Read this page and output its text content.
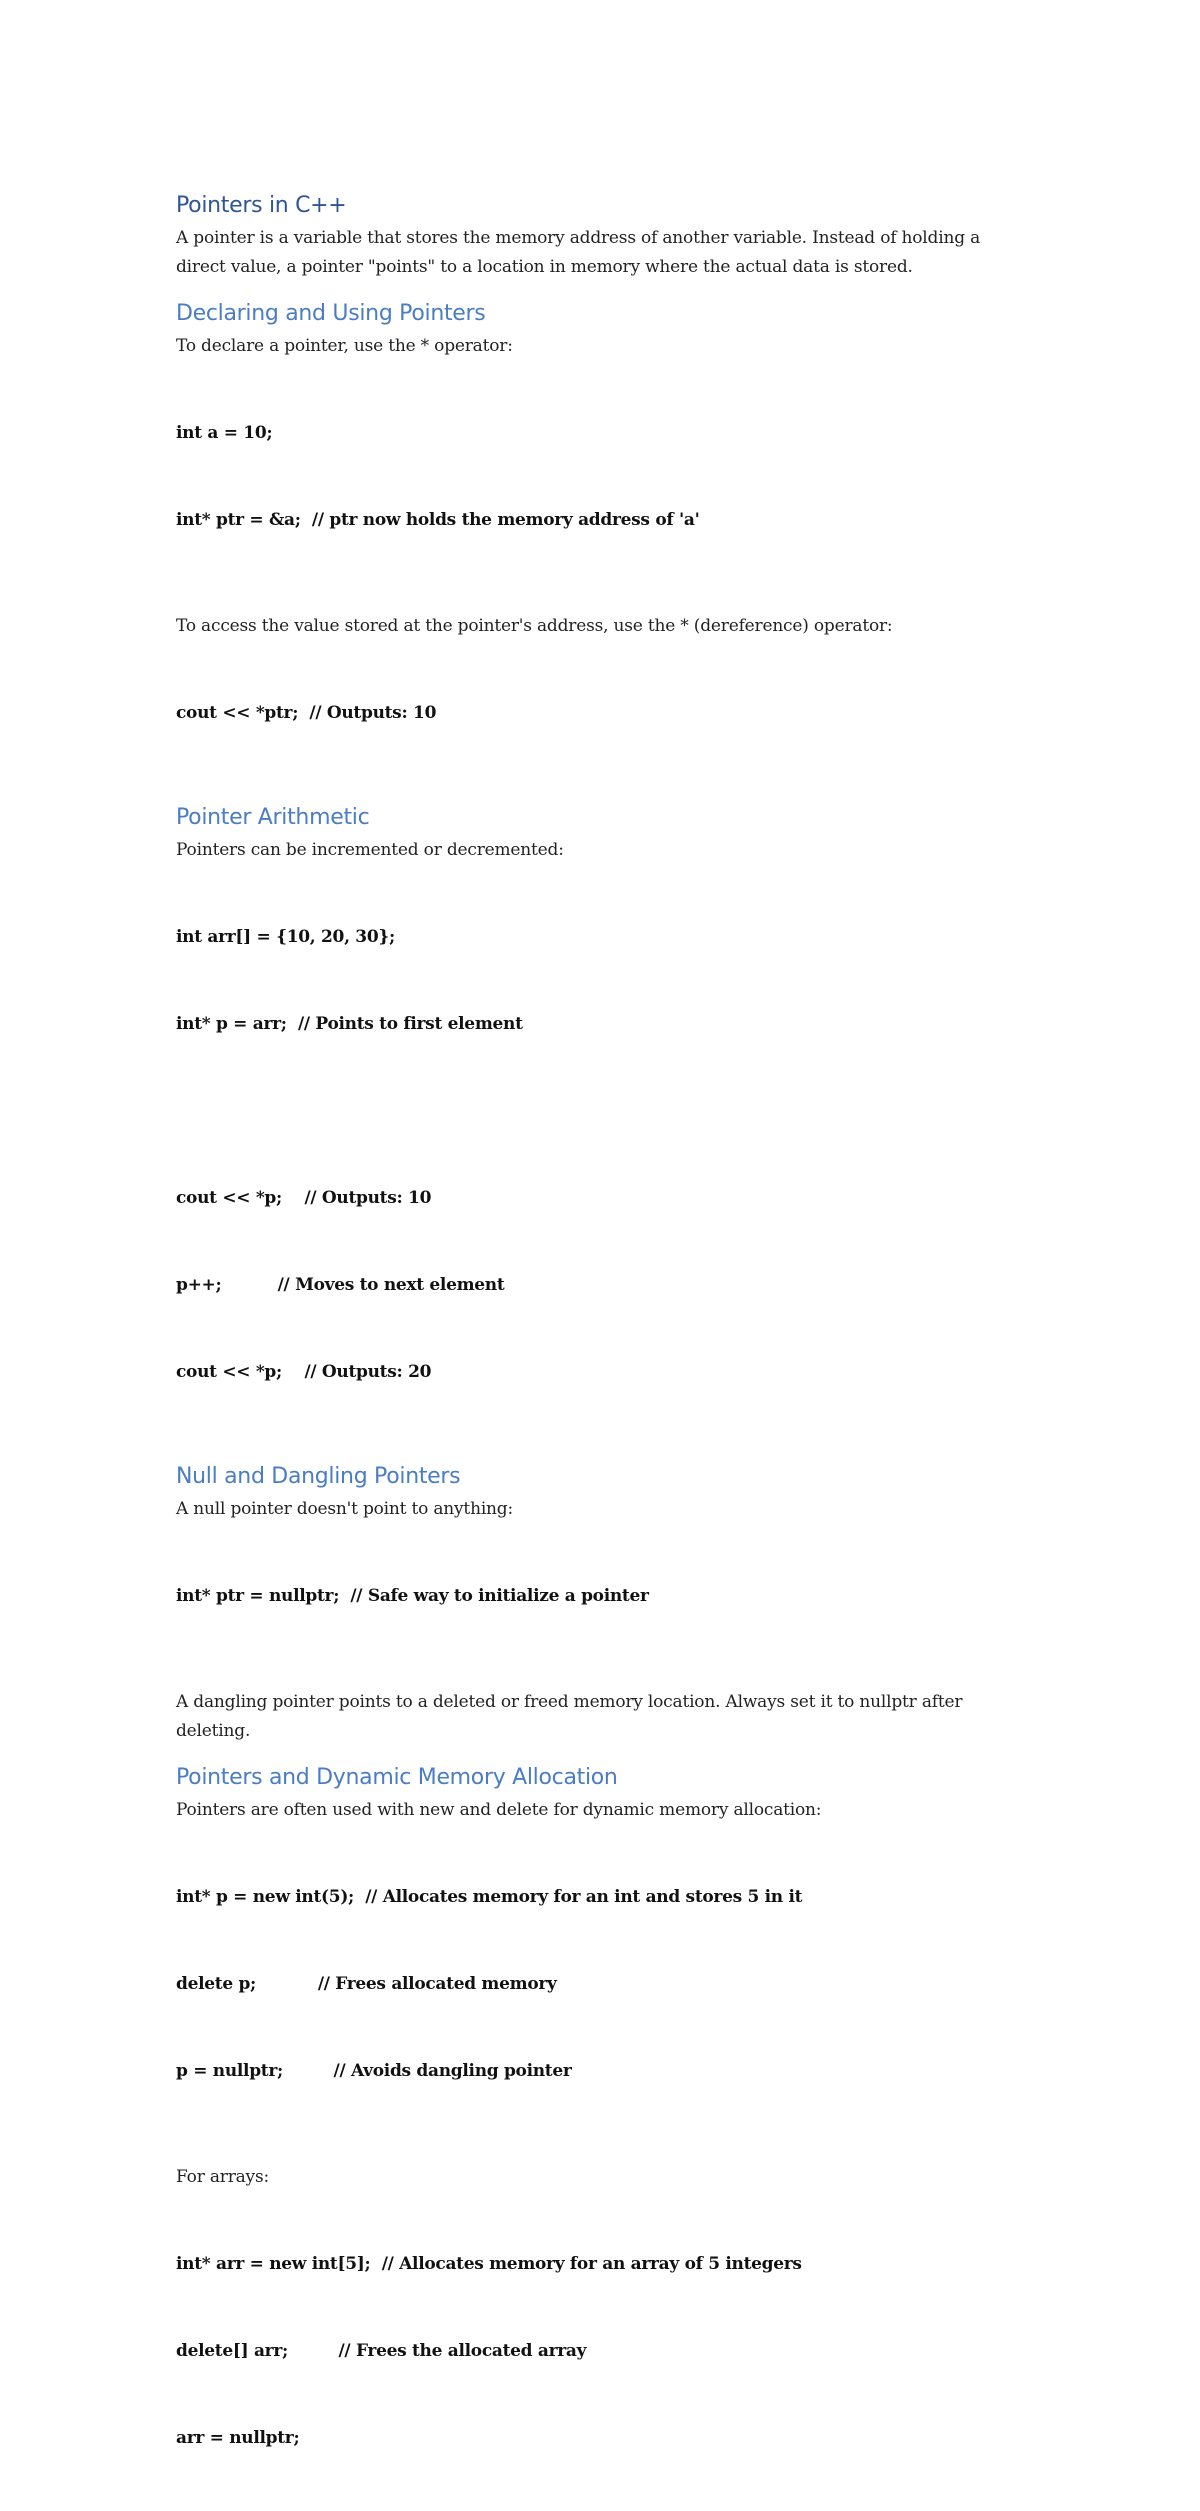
Pointers in C++

A pointer is a variable that stores the memory address of another variable. Instead of holding a direct value, a pointer "points" to a location in memory where the actual data is stored.

Declaring and Using Pointers

To declare a pointer, use the * operator:

int a = 10;

int* ptr = &a;  // ptr now holds the memory address of 'a'

To access the value stored at the pointer's address, use the * (dereference) operator:

cout << *ptr;  // Outputs: 10

Pointer Arithmetic

Pointers can be incremented or decremented:

int arr[] = {10, 20, 30};

int* p = arr;  // Points to first element

cout << *p;    // Outputs: 10

p++;          // Moves to next element

cout << *p;    // Outputs: 20

Null and Dangling Pointers

A null pointer doesn't point to anything:

int* ptr = nullptr;  // Safe way to initialize a pointer

A dangling pointer points to a deleted or freed memory location. Always set it to nullptr after deleting.

Pointers and Dynamic Memory Allocation

Pointers are often used with new and delete for dynamic memory allocation:

int* p = new int(5);  // Allocates memory for an int and stores 5 in it

delete p;           // Frees allocated memory

p = nullptr;         // Avoids dangling pointer

For arrays:

int* arr = new int[5];  // Allocates memory for an array of 5 integers

delete[] arr;         // Frees the allocated array

arr = nullptr;
